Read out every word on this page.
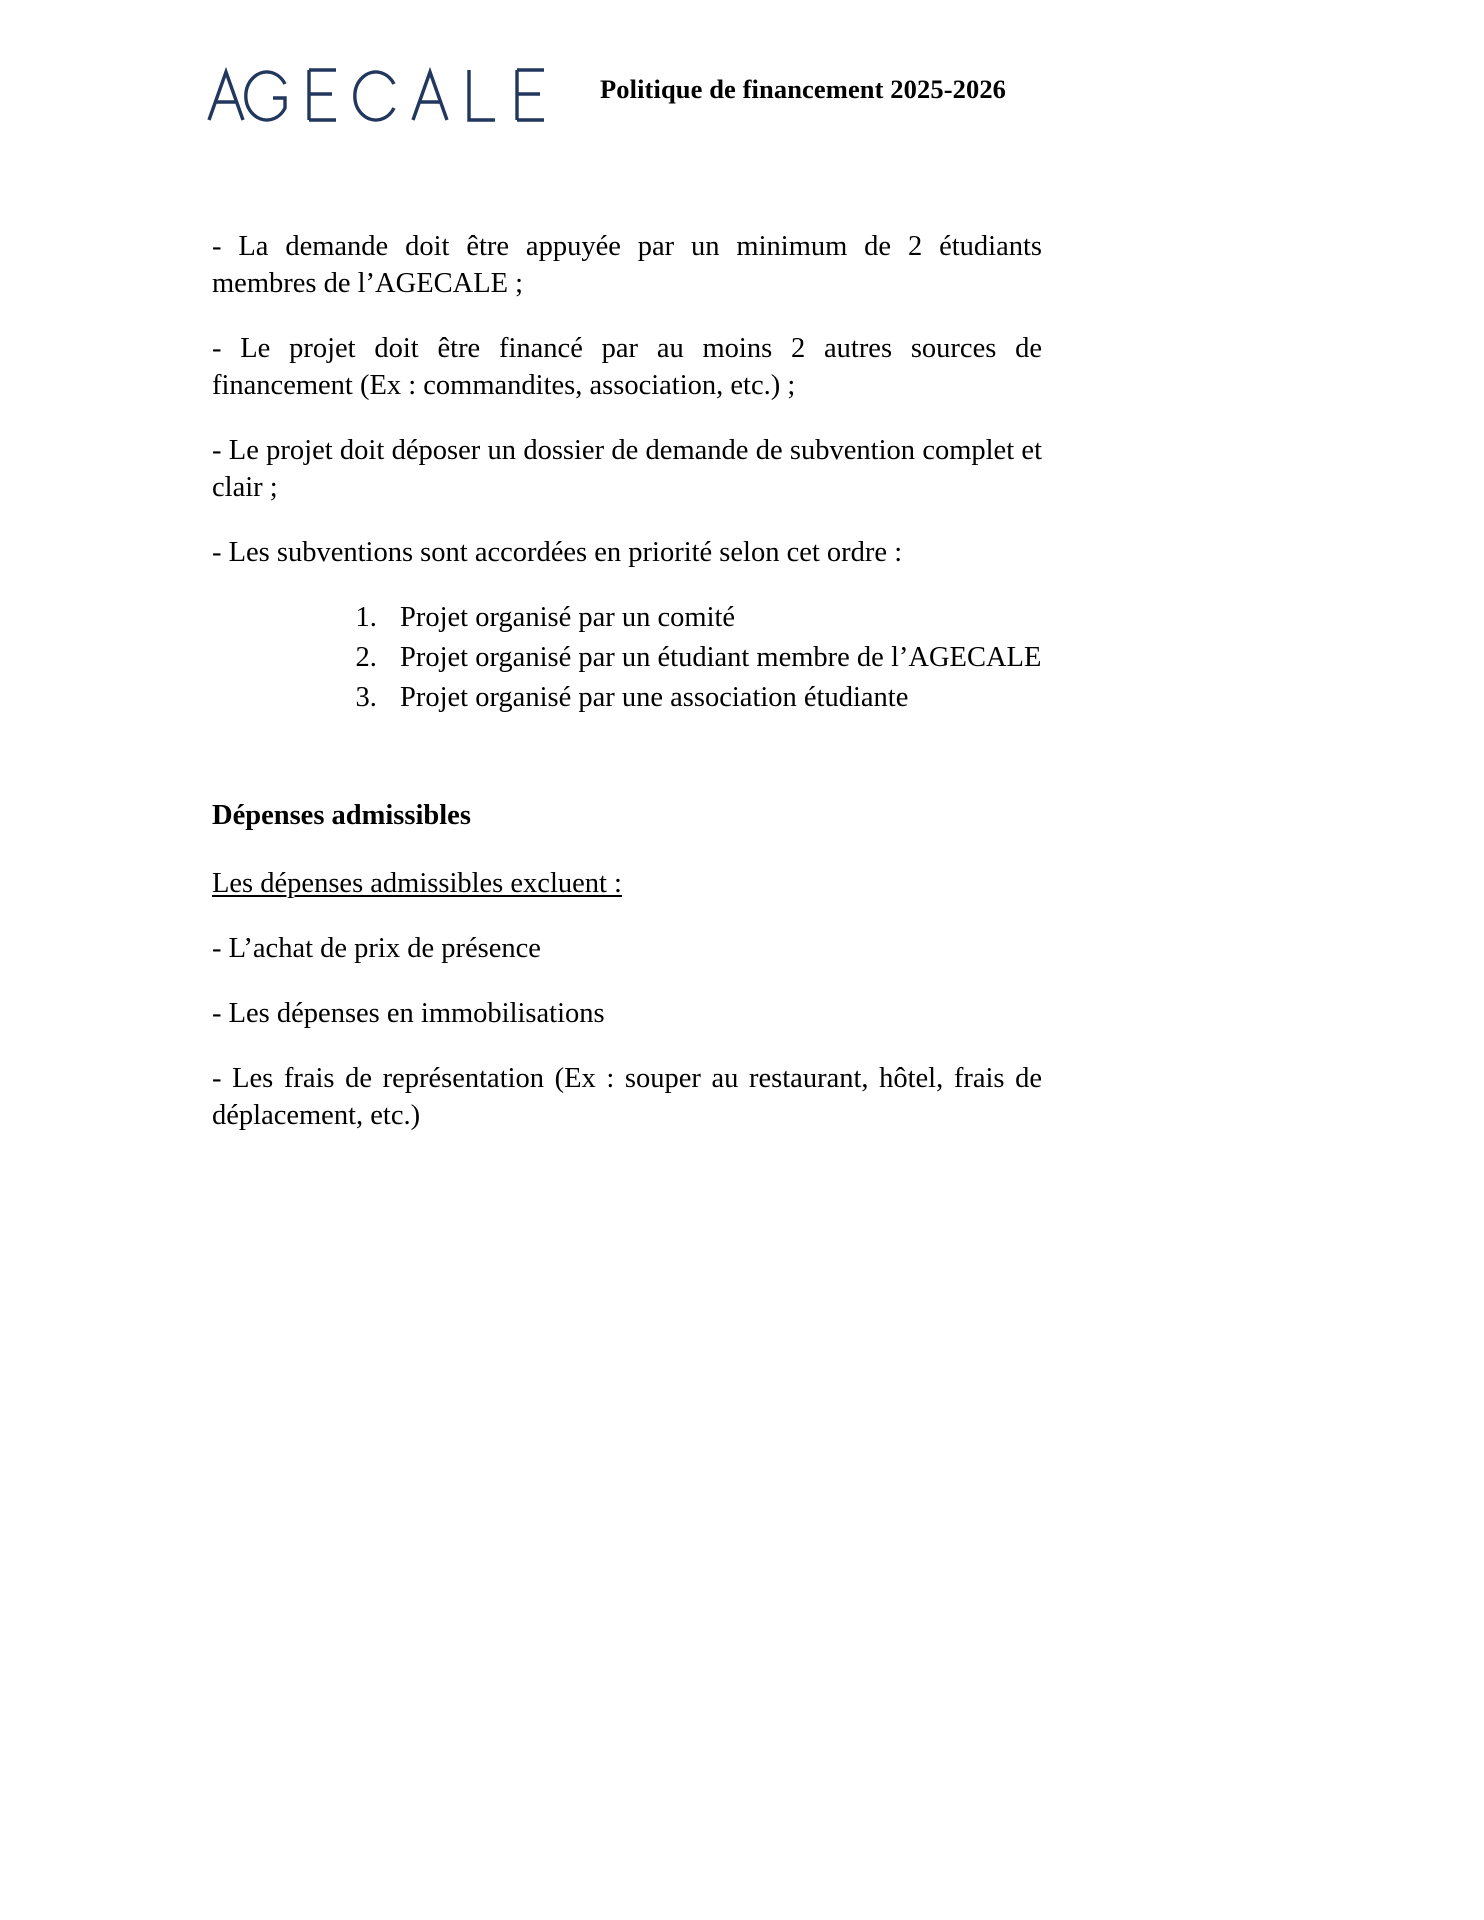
Politique de financement 2025-2026

- La demande doit être appuyée par un minimum de 2 étudiants membres de l’AGECALE ;

- Le projet doit être financé par au moins 2 autres sources de financement (Ex : commandites, association, etc.) ;

- Le projet doit déposer un dossier de demande de subvention complet et clair ;

- Les subventions sont accordées en priorité selon cet ordre :

1. Projet organisé par un comité
2. Projet organisé par un étudiant membre de l’AGECALE
3. Projet organisé par une association étudiante
Dépenses admissibles

Les dépenses admissibles excluent :

- L’achat de prix de présence

- Les dépenses en immobilisations

- Les frais de représentation (Ex : souper au restaurant, hôtel, frais de déplacement, etc.)
